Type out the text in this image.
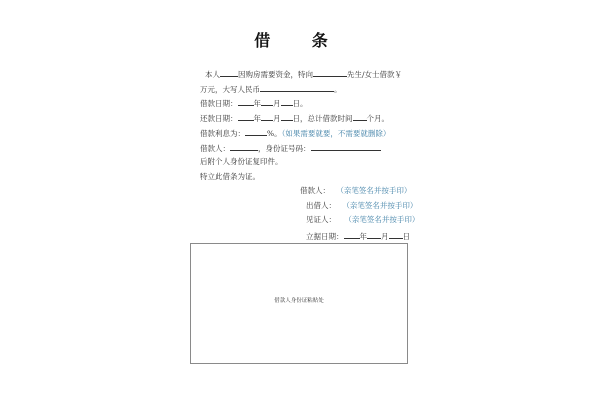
借 条
本人 因购房需要资金，特向	先生/女士借款￥
万元，大写人民币	。
借款日期： 年 月 日。
还款日期： 年 月 日，总计借款时间 个月。
借款利息为：	%。（如果需要就要，不需要就删除）
借款人：	，身份证号码：
后附个人身份证复印件。
特立此借条为证。
借款人： （亲笔签名并按手印）
出借人： （亲笔签名并按手印）
见证人： （亲笔签名并按手印）
立据日期： 年 月 日
借款人身份证粘贴处
